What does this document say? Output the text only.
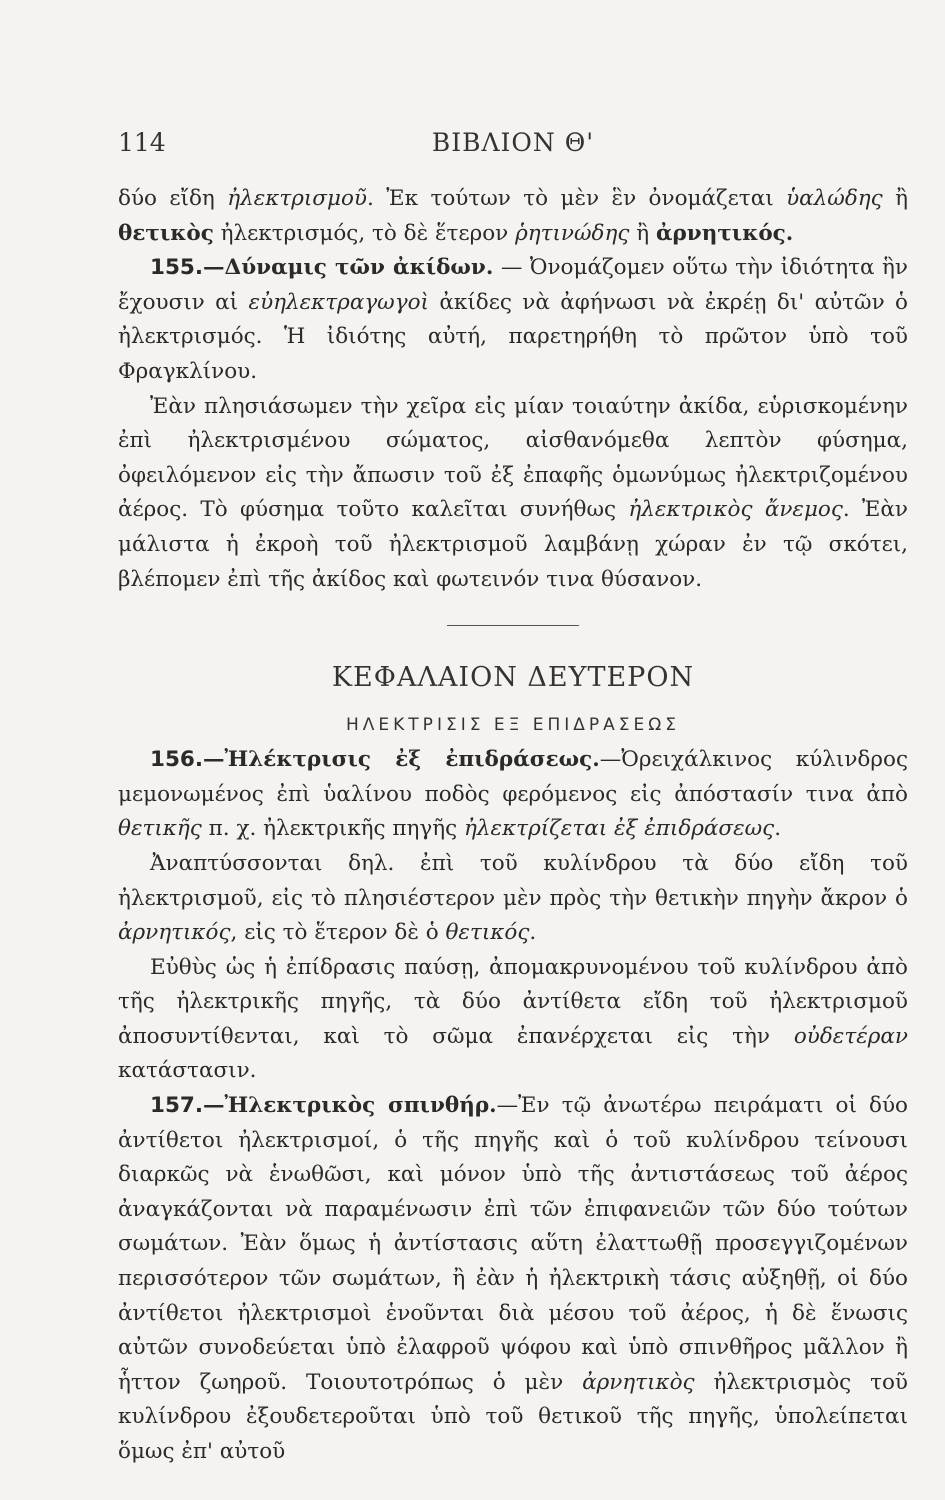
114	ΒΙΒΛΙΟΝ Θ'

δύο εἴδη ἠλεκτρισμοῦ. Ἐκ τούτων τὸ μὲν ἓν ὀνομάζεται ὑαλώδης ἢ θετικὸς ἠλεκτρισμός, τὸ δὲ ἕτερον ῥητινώδης ἢ ἀρνητικός.

155.—Δύναμις τῶν ἀκίδων. — Ὀνομάζομεν οὕτω τὴν ἰδιότητα ἣν ἔχουσιν αἱ εὐηλεκτραγωγοὶ ἀκίδες νὰ ἀφήνωσι νὰ ἐκρέῃ δι' αὐτῶν ὁ ἠλεκτρισμός. Ἡ ἰδιότης αὐτή, παρετηρήθη τὸ πρῶτον ὑπὸ τοῦ Φραγκλίνου.

Ἐὰν πλησιάσωμεν τὴν χεῖρα εἰς μίαν τοιαύτην ἀκίδα, εὑρισκομένην ἐπὶ ἠλεκτρισμένου σώματος, αἰσθανόμεθα λεπτὸν φύσημα, ὀφειλόμενον εἰς τὴν ἄπωσιν τοῦ ἐξ ἐπαφῆς ὁμωνύμως ἠλεκτριζομένου ἀέρος. Τὸ φύσημα τοῦτο καλεῖται συνήθως ἠλεκτρικὸς ἄνεμος. Ἐὰν μάλιστα ἡ ἐκροὴ τοῦ ἠλεκτρισμοῦ λαμβάνῃ χώραν ἐν τῷ σκότει, βλέπομεν ἐπὶ τῆς ἀκίδος καὶ φωτεινόν τινα θύσανον.

ΚΕΦΑΛΑΙΟΝ ΔΕΥΤΕΡΟΝ
ΗΛΕΚΤΡΙΣΙΣ ΕΞ ΕΠΙΔΡΑΣΕΩΣ

156.—Ἠλέκτρισις ἐξ ἐπιδράσεως.—Ὀρειχάλκινος κύλινδρος μεμονωμένος ἐπὶ ὑαλίνου ποδὸς φερόμενος εἰς ἀπόστασίν τινα ἀπὸ θετικῆς π. χ. ἠλεκτρικῆς πηγῆς ἠλεκτρίζεται ἐξ ἐπιδράσεως.

Ἀναπτύσσονται δηλ. ἐπὶ τοῦ κυλίνδρου τὰ δύο εἴδη τοῦ ἠλεκτρισμοῦ, εἰς τὸ πλησιέστερον μὲν πρὸς τὴν θετικὴν πηγὴν ἄκρον ὁ ἀρνητικός, εἰς τὸ ἕτερον δὲ ὁ θετικός.

Εὐθὺς ὡς ἡ ἐπίδρασις παύσῃ, ἀπομακρυνομένου τοῦ κυλίνδρου ἀπὸ τῆς ἠλεκτρικῆς πηγῆς, τὰ δύο ἀντίθετα εἴδη τοῦ ἠλεκτρισμοῦ ἀποσυντίθενται, καὶ τὸ σῶμα ἐπανέρχεται εἰς τὴν οὐδετέραν κατάστασιν.

157.—Ἠλεκτρικὸς σπινθήρ.—Ἐν τῷ ἀνωτέρω πειράματι οἱ δύο ἀντίθετοι ἠλεκτρισμοί, ὁ τῆς πηγῆς καὶ ὁ τοῦ κυλίνδρου τείνουσι διαρκῶς νὰ ἑνωθῶσι, καὶ μόνον ὑπὸ τῆς ἀντιστάσεως τοῦ ἀέρος ἀναγκάζονται νὰ παραμένωσιν ἐπὶ τῶν ἐπιφανειῶν τῶν δύο τούτων σωμάτων. Ἐὰν ὅμως ἡ ἀντίστασις αὕτη ἐλαττωθῇ προσεγγιζομένων περισσότερον τῶν σωμάτων, ἢ ἐὰν ἡ ἠλεκτρικὴ τάσις αὐξηθῇ, οἱ δύο ἀντίθετοι ἠλεκτρισμοὶ ἑνοῦνται διὰ μέσου τοῦ ἀέρος, ἡ δὲ ἕνωσις αὐτῶν συνοδεύεται ὑπὸ ἐλαφροῦ ψόφου καὶ ὑπὸ σπινθῆρος μᾶλλον ἢ ἧττον ζωηροῦ. Τοιουτοτρόπως ὁ μὲν ἀρνητικὸς ἠλεκτρισμὸς τοῦ κυλίνδρου ἐξουδετεροῦται ὑπὸ τοῦ θετικοῦ τῆς πηγῆς, ὑπολείπεται ὅμως ἐπ' αὐτοῦ
